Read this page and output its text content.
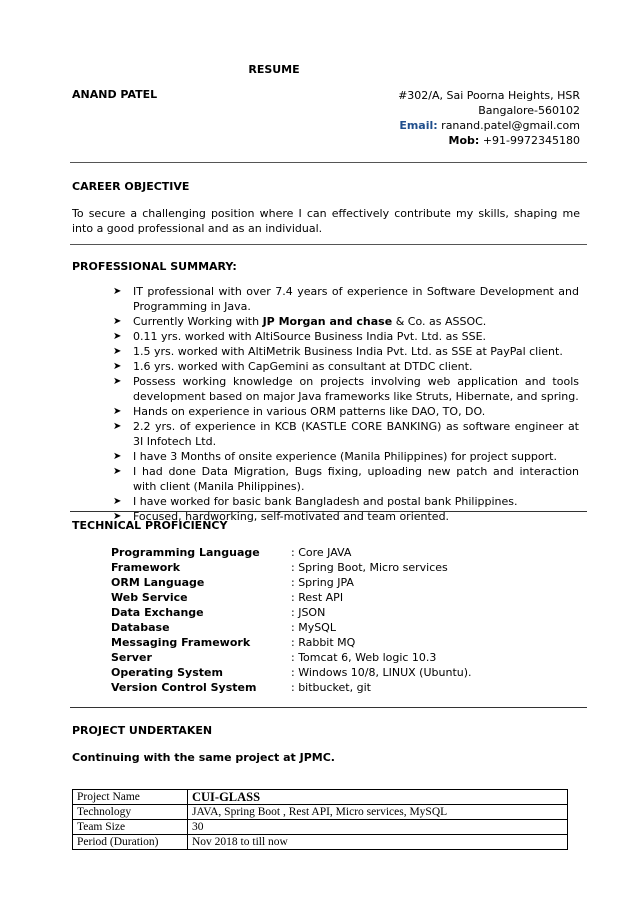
RESUME
ANAND PATEL	#302/A, Sai Poorna Heights, HSR
Bangalore-560102
Email: ranand.patel@gmail.com
Mob: +91-9972345180
CAREER OBJECTIVE
To secure a challenging position where I can effectively contribute my skills, shaping me into a good professional and as an individual.
PROFESSIONAL SUMMARY:
➤ IT professional with over 7.4 years of experience in Software Development and Programming in Java.
➤ Currently Working with JP Morgan and chase & Co. as ASSOC.
➤ 0.11 yrs. worked with AltiSource Business India Pvt. Ltd. as SSE.
➤ 1.5 yrs. worked with AltiMetrik Business India Pvt. Ltd. as SSE at PayPal client.
➤ 1.6 yrs. worked with CapGemini as consultant at DTDC client.
➤ Possess working knowledge on projects involving web application and tools development based on major Java frameworks like Struts, Hibernate, and spring.
➤ Hands on experience in various ORM patterns like DAO, TO, DO.
➤ 2.2 yrs. of experience in KCB (KASTLE CORE BANKING) as software engineer at 3I Infotech Ltd.
➤ I have 3 Months of onsite experience (Manila Philippines) for project support.
➤ I had done Data Migration, Bugs fixing, uploading new patch and interaction with client (Manila Philippines).
➤ I have worked for basic bank Bangladesh and postal bank Philippines.
➤ Focused, hardworking, self-motivated and team oriented.
TECHNICAL PROFICIENCY
Programming Language	: Core JAVA
Framework	: Spring Boot, Micro services
ORM Language	: Spring JPA
Web Service	: Rest API
Data Exchange	: JSON
Database	: MySQL
Messaging Framework	: Rabbit MQ
Server	: Tomcat 6, Web logic 10.3
Operating System	: Windows 10/8, LINUX (Ubuntu).
Version Control System	: bitbucket, git
PROJECT UNDERTAKEN
Continuing with the same project at JPMC.
Project Name	CUI-GLASS
Technology	JAVA, Spring Boot , Rest API, Micro services, MySQL
Team Size	30
Period (Duration)	Nov 2018 to till now
